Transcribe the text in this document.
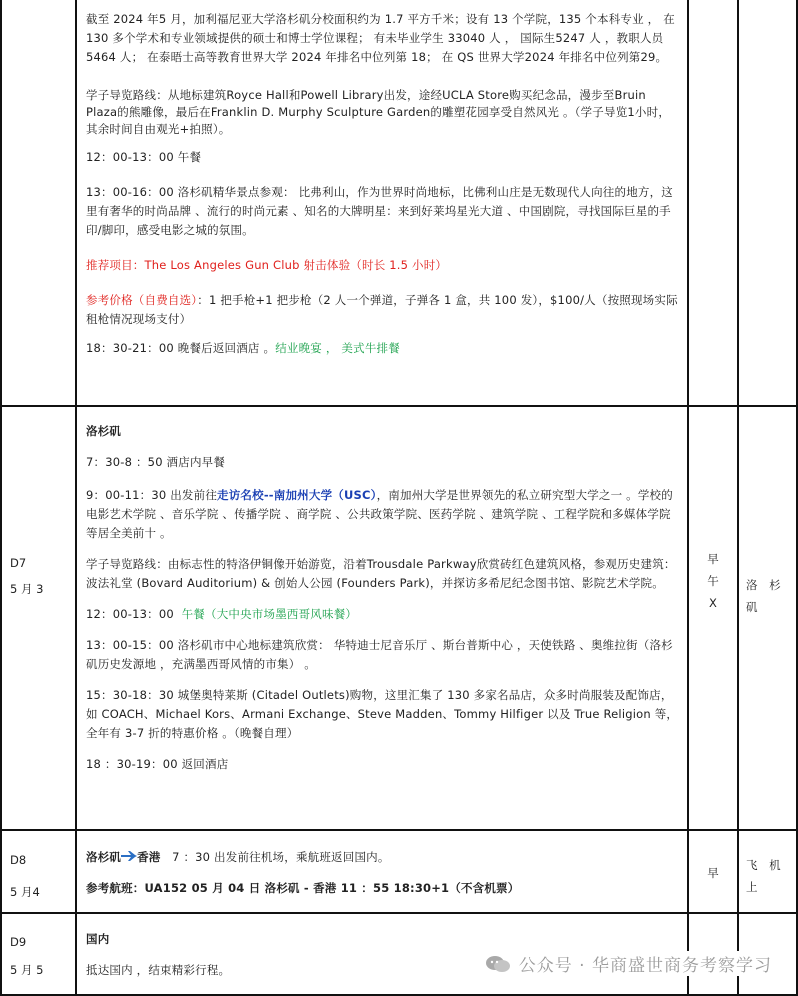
截至 2024 年5 月，加利福尼亚大学洛杉矶分校面积约为 1.7 平方千米；设有 13 个学院，135 个本科专业 ， 在 130 多个学术和专业领域提供的硕士和博士学位课程； 有未毕业学生 33040 人 ， 国际生5247 人 ，教职人员 5464 人； 在泰晤士高等教育世界大学 2024 年排名中位列第 18； 在 QS 世界大学2024 年排名中位列第29。

学子导览路线：从地标建筑Royce Hall和Powell Library出发，途经UCLA Store购买纪念品，漫步至Bruin Plaza的熊雕像，最后在Franklin D. Murphy Sculpture Garden的雕塑花园享受自然风光 。（学子导览1小时，其余时间自由观光+拍照）。

12：00-13：00 午餐

13：00-16：00 洛杉矶精华景点参观： 比弗利山，作为世界时尚地标，比佛利山庄是无数现代人向往的地方，这里有奢华的时尚品牌 、流行的时尚元素 、知名的大牌明星：来到好莱坞星光大道 、中国剧院，寻找国际巨星的手印/脚印，感受电影之城的氛围。

推荐项目：The Los Angeles Gun Club 射击体验（时长 1.5 小时）

参考价格（自费自选）：1 把手枪+1 把步枪（2 人一个弹道，子弹各 1 盒，共 100 发），$100/人（按照现场实际租枪情况现场支付）

18：30-21：00 晚餐后返回酒店 。结业晚宴 ， 美式牛排餐

D7
5 月 3

洛杉矶

7：30-8 ：50 酒店内早餐

9：00-11：30 出发前往走访名校--南加州大学（USC），南加州大学是世界领先的私立研究型大学之一 。学校的电影艺术学院 、音乐学院 、传播学院 、商学院 、公共政策学院、医药学院 、建筑学院 、工程学院和多媒体学院等居全美前十 。

学子导览路线：由标志性的特洛伊铜像开始游览，沿着Trousdale Parkway欣赏砖红色建筑风格，参观历史建筑：波法礼堂 (Bovard Auditorium) & 创始人公园 (Founders Park)，并探访多希尼纪念图书馆、影院艺术学院。

12：00-13：00 午餐（大中央市场墨西哥风味餐）

13：00-15：00 洛杉矶市中心地标建筑欣赏： 华特迪士尼音乐厅 、斯台普斯中心 ，天使铁路 、奥维拉街（洛杉矶历史发源地 ，充满墨西哥风情的市集） 。

15：30-18：30 城堡奥特莱斯 (Citadel Outlets)购物，这里汇集了 130 多家名品店，众多时尚服装及配饰店，如 COACH、Michael Kors、Armani Exchange、Steve Madden、Tommy Hilfiger 以及 True Religion 等，全年有 3-7 折的特惠价格 。（晚餐自理）

18 ：30-19：00 返回酒店

早
午
X
洛 杉
矶
D8
5 月4

洛杉矶 香港 7 ：30 出发前往机场，乘航班返回国内。

参考航班：UA152 05 月 04 日 洛杉矶 - 香港 11 ：55 18:30+1（不含机票）

早
飞 机
上
D9
5 月 5

国内

抵达国内 ，结束精彩行程。	公众号 · 华商盛世商务考察学习
